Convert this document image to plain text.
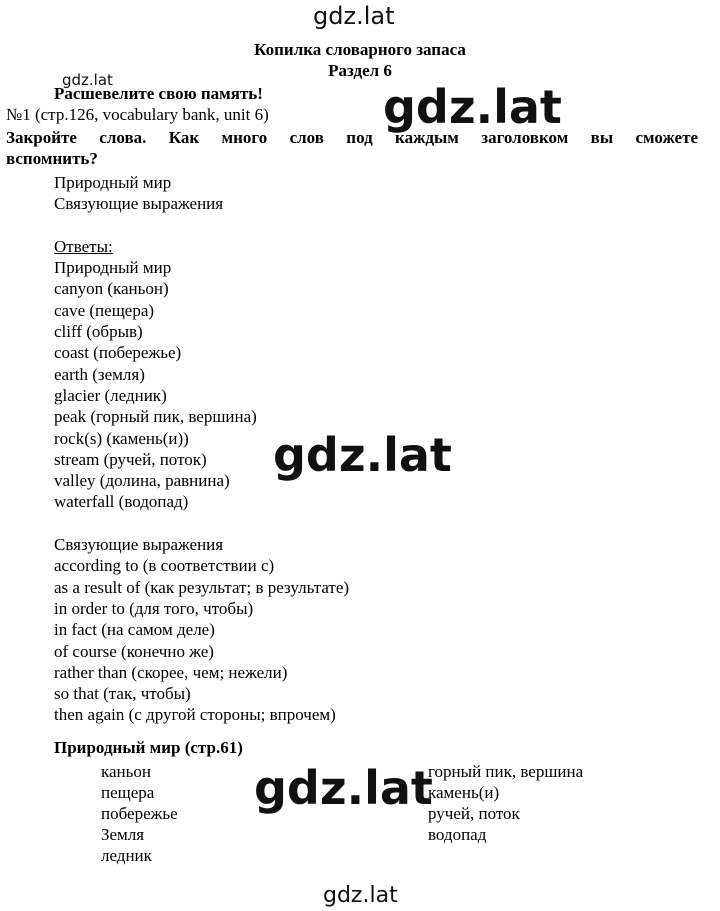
gdz.lat
Копилка словарного запаса
Раздел 6
gdz.lat
Расшевелите свою память!
№1 (стр.126, vocabulary bank, unit 6)
Закройте слова. Как много слов под каждым заголовком вы сможете
вспомнить?
Природный мир
Связующие выражения

Ответы:
Природный мир
canyon (каньон)
cave (пещера)
cliff (обрыв)
coast (побережье)
earth (земля)
glacier (ледник)
peak (горный пик, вершина)
rock(s) (камень(и))
stream (ручей, поток)
valley (долина, равнина)
waterfall (водопад)

Связующие выражения
according to (в соответствии с)
as a result of (как результат; в результате)
in order to (для того, чтобы)
in fact (на самом деле)
of course (конечно же)
rather than (скорее, чем; нежели)
so that (так, чтобы)
then again (с другой стороны; впрочем)
Природный мир (стр.61)
каньон
пещера
побережье
Земля
ледник
горный пик, вершина
камень(и)
ручей, поток
водопад
gdz.lat
gdz.lat
gdz.lat
gdz.lat
